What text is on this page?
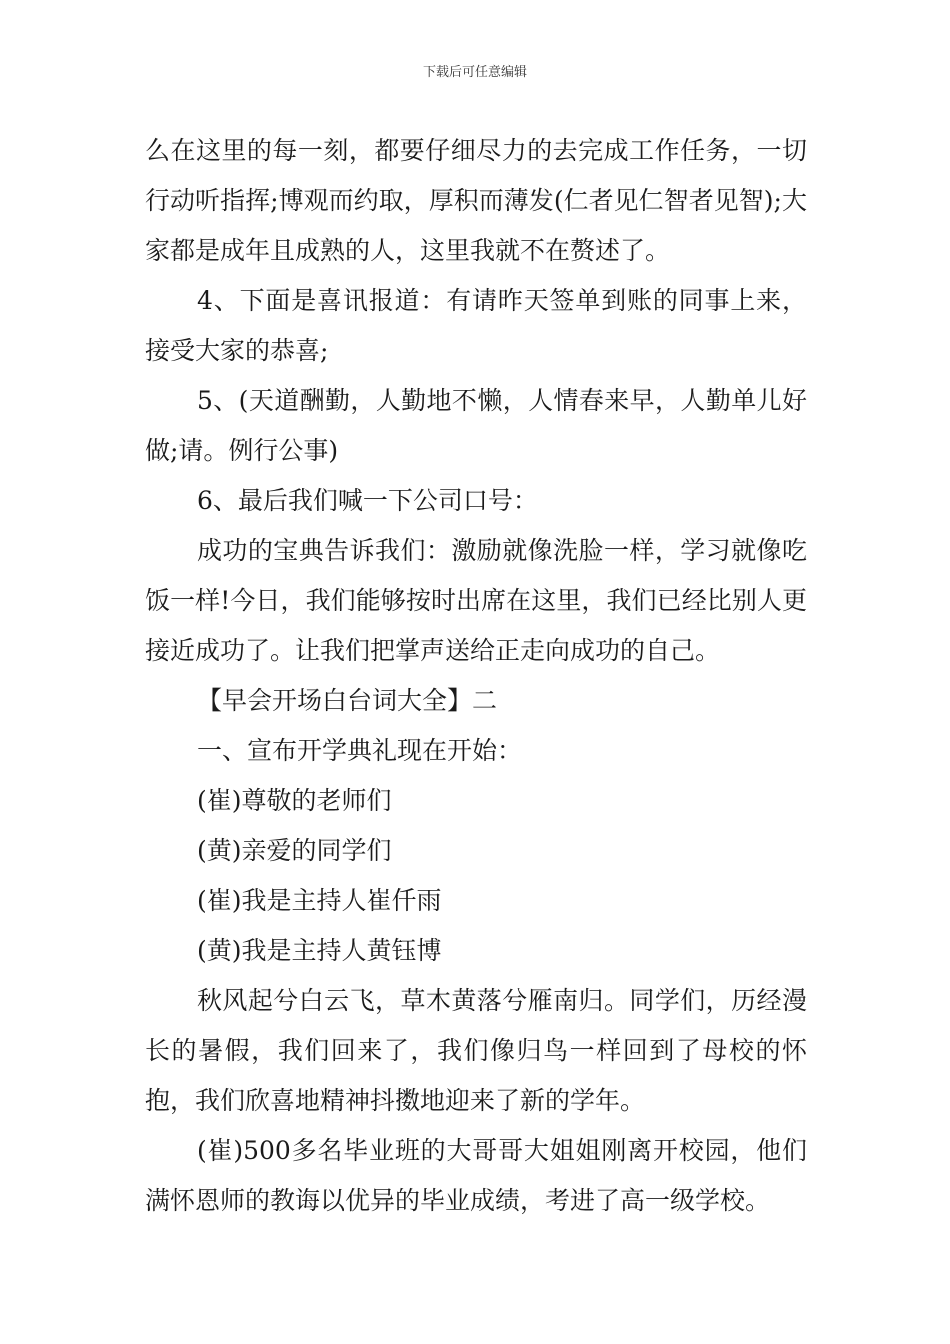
下载后可任意编辑

么在这里的每一刻，都要仔细尽力的去完成工作任务，一切行动听指挥;博观而约取，厚积而薄发(仁者见仁智者见智);大家都是成年且成熟的人，这里我就不在赘述了。

4、下面是喜讯报道：有请昨天签单到账的同事上来，接受大家的恭喜;

5、(天道酬勤，人勤地不懒，人情春来早，人勤单儿好做;请。例行公事)

6、最后我们喊一下公司口号：

成功的宝典告诉我们：激励就像洗脸一样，学习就像吃饭一样!今日，我们能够按时出席在这里，我们已经比别人更接近成功了。让我们把掌声送给正走向成功的自己。

【早会开场白台词大全】二

一、宣布开学典礼现在开始：

(崔)尊敬的老师们

(黄)亲爱的同学们

(崔)我是主持人崔仟雨

(黄)我是主持人黄钰博

秋风起兮白云飞，草木黄落兮雁南归。同学们，历经漫长的暑假，我们回来了，我们像归鸟一样回到了母校的怀抱，我们欣喜地精神抖擞地迎来了新的学年。

(崔)500多名毕业班的大哥哥大姐姐刚离开校园，他们满怀恩师的教诲以优异的毕业成绩，考进了高一级学校。
